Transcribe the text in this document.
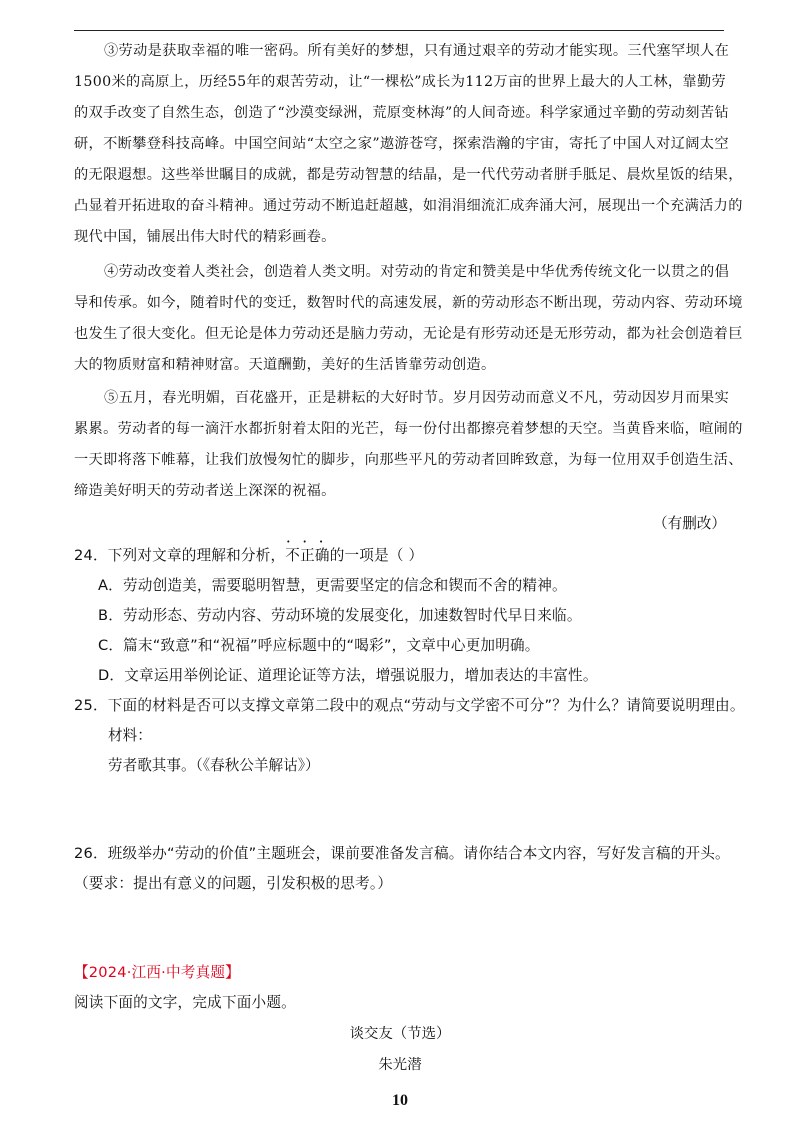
③劳动是获取幸福的唯一密码。所有美好的梦想，只有通过艰辛的劳动才能实现。三代塞罕坝人在
1500米的高原上，历经55年的艰苦劳动，让“一棵松”成长为112万亩的世界上最大的人工林，靠勤劳
的双手改变了自然生态，创造了“沙漠变绿洲，荒原变林海”的人间奇迹。科学家通过辛勤的劳动刻苦钻
研，不断攀登科技高峰。中国空间站“太空之家”遨游苍穹，探索浩瀚的宇宙，寄托了中国人对辽阔太空
的无限遐想。这些举世瞩目的成就，都是劳动智慧的结晶，是一代代劳动者胼手胝足、晨炊星饭的结果，
凸显着开拓进取的奋斗精神。通过劳动不断追赶超越，如涓涓细流汇成奔涌大河，展现出一个充满活力的
现代中国，铺展出伟大时代的精彩画卷。
④劳动改变着人类社会，创造着人类文明。对劳动的肯定和赞美是中华优秀传统文化一以贯之的倡
导和传承。如今，随着时代的变迁，数智时代的高速发展，新的劳动形态不断出现，劳动内容、劳动环境
也发生了很大变化。但无论是体力劳动还是脑力劳动，无论是有形劳动还是无形劳动，都为社会创造着巨
大的物质财富和精神财富。天道酬勤，美好的生活皆靠劳动创造。
⑤五月，春光明媚，百花盛开，正是耕耘的大好时节。岁月因劳动而意义不凡，劳动因岁月而果实
累累。劳动者的每一滴汗水都折射着太阳的光芒，每一份付出都擦亮着梦想的天空。当黄昏来临，喧闹的
一天即将落下帷幕，让我们放慢匆忙的脚步，向那些平凡的劳动者回眸致意，为每一位用双手创造生活、
缔造美好明天的劳动者送上深深的祝福。
（有删改）
24．下列对文章的理解和分析，不正确 • • •的一项是（ ）
A．劳动创造美，需要聪明智慧，更需要坚定的信念和锲而不舍的精神。
B．劳动形态、劳动内容、劳动环境的发展变化，加速数智时代早日来临。
C．篇末“致意”和“祝福”呼应标题中的“喝彩”，文章中心更加明确。
D．文章运用举例论证、道理论证等方法，增强说服力，增加表达的丰富性。
25．下面的材料是否可以支撑文章第二段中的观点“劳动与文学密不可分”？为什么？请简要说明理由。
材料：
劳者歌其事。（《春秋公羊解诂》）
26．班级举办“劳动的价值”主题班会，课前要准备发言稿。请你结合本文内容，写好发言稿的开头。
（要求：提出有意义的问题，引发积极的思考。）
【2024·江西·中考真题】
阅读下面的文字，完成下面小题。
谈交友（节选）
朱光潜
10
